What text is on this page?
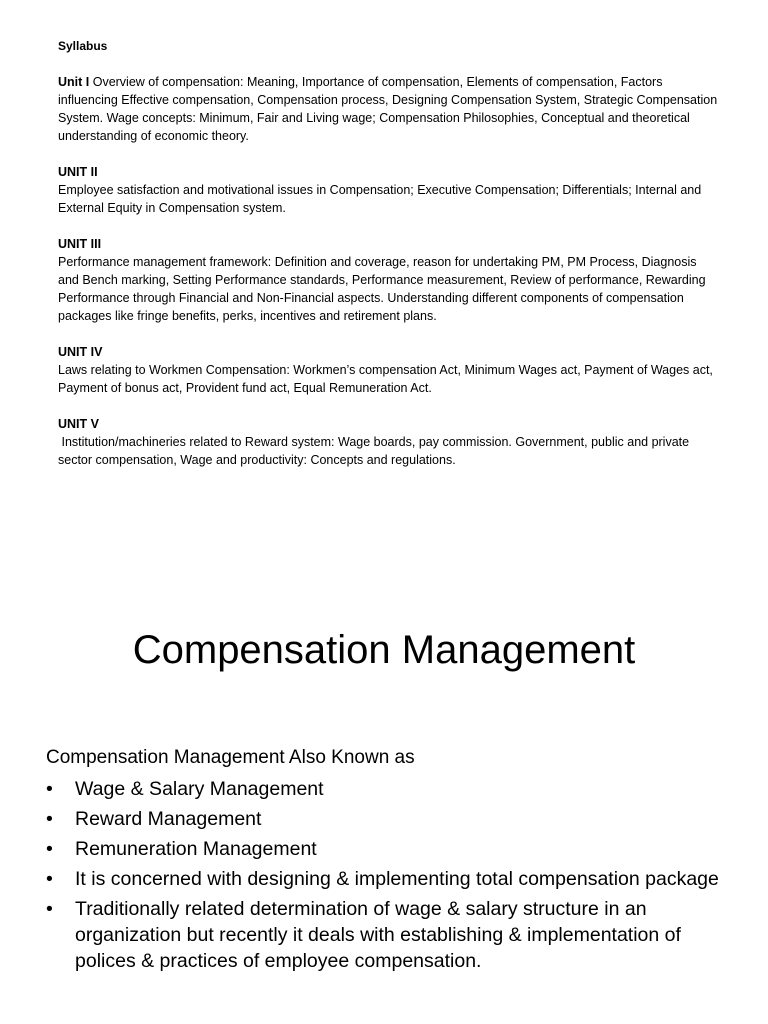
Syllabus
Unit I Overview of compensation: Meaning, Importance of compensation, Elements of compensation, Factors influencing Effective compensation, Compensation process, Designing Compensation System, Strategic Compensation System. Wage concepts: Minimum, Fair and Living wage; Compensation Philosophies, Conceptual and theoretical understanding of economic theory.
UNIT II
Employee satisfaction and motivational issues in Compensation; Executive Compensation; Differentials; Internal and External Equity in Compensation system.
UNIT III
Performance management framework: Definition and coverage, reason for undertaking PM, PM Process, Diagnosis and Bench marking, Setting Performance standards, Performance measurement, Review of performance, Rewarding Performance through Financial and Non-Financial aspects. Understanding different components of compensation packages like fringe benefits, perks, incentives and retirement plans.
UNIT IV
Laws relating to Workmen Compensation: Workmen’s compensation Act, Minimum Wages act, Payment of Wages act, Payment of bonus act, Provident fund act, Equal Remuneration Act.
UNIT V
Institution/machineries related to Reward system: Wage boards, pay commission. Government, public and private sector compensation, Wage and productivity: Concepts and regulations.
Compensation Management
Compensation Management Also Known as
• Wage & Salary Management
• Reward Management
• Remuneration Management
• It is concerned with designing & implementing total compensation package
• Traditionally related determination of wage & salary structure in an organization but recently it deals with establishing & implementation of polices & practices of employee compensation.
